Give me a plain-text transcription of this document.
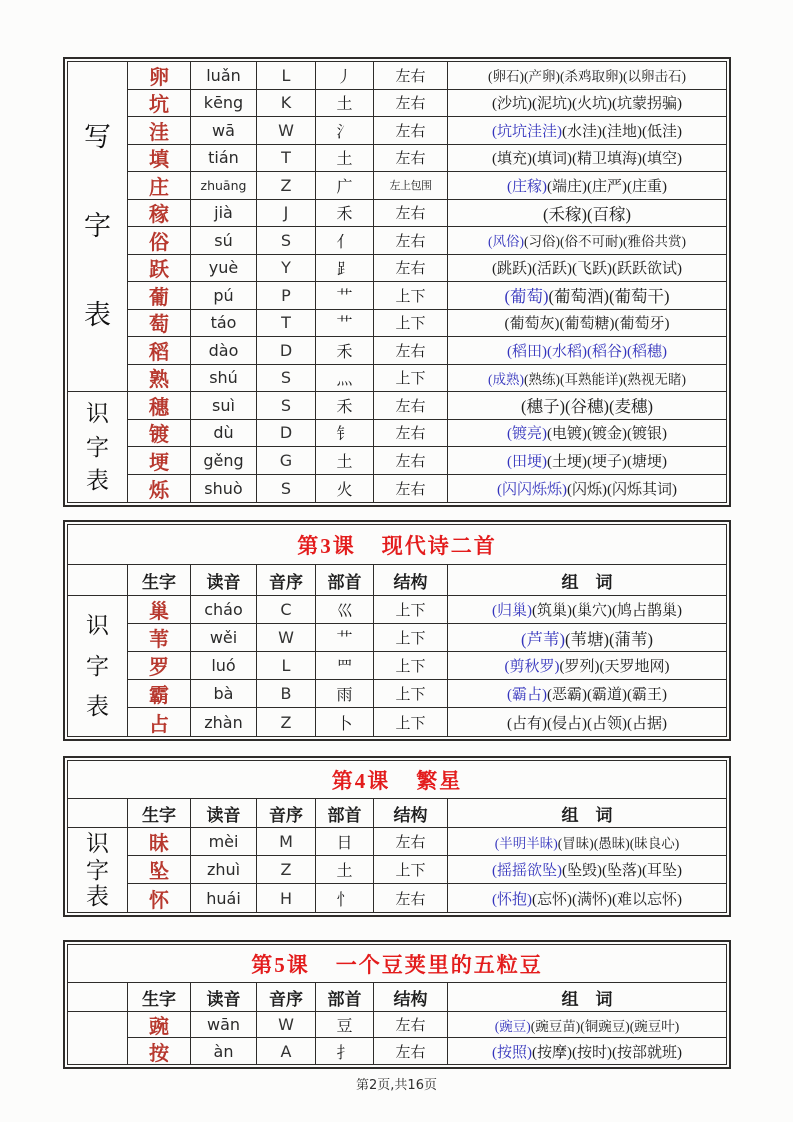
写
字
表
识
字
表
卵	luǎn	L	丿	左右	(卵石) (产卵) (杀鸡取卵) (以卵击石)
坑	kēng	K	土	左右	(沙坑) (泥坑) (火坑) (坑蒙拐骗)
洼	wā	W	氵	左右	(坑坑洼洼) (水洼) (洼地) (低洼)
填	tián	T	土	左右	(填充) (填词) (精卫填海) (填空)
庄	zhuāng	Z	广	左上包围	(庄稼) (端庄) (庄严) (庄重)
稼	jià	J	禾	左右	(禾稼) (百稼)
俗	sú	S	亻	左右	(风俗) (习俗) (俗不可耐) (雅俗共赏)
跃	yuè	Y	⻊	左右	(跳跃) (活跃) (飞跃) (跃跃欲试)
葡	pú	P	艹	上下	(葡萄) (葡萄酒) (葡萄干)
萄	táo	T	艹	上下	(葡萄灰) (葡萄糖) (葡萄牙)
稻	dào	D	禾	左右	(稻田) (水稻) (稻谷) (稻穗)
熟	shú	S	灬	上下	(成熟) (熟练) (耳熟能详) (熟视无睹)
穗	suì	S	禾	左右	(穗子) (谷穗) (麦穗)
镀	dù	D	钅	左右	(镀亮) (电镀) (镀金) (镀银)
埂	gěng	G	土	左右	(田埂) (土埂) (埂子) (塘埂)
烁	shuò	S	火	左右	(闪闪烁烁) (闪烁) (闪烁其词)
第3课 现代诗二首
生字	读音	音序	部首	结构	组　词
识
字
表
巢	cháo	C	巛	上下	(归巢) (筑巢) (巢穴) (鸠占鹊巢)
苇	wěi	W	艹	上下	(芦苇) (苇塘) (蒲苇)
罗	luó	L	罒	上下	(剪秋罗) (罗列) (天罗地网)
霸	bà	B	雨	上下	(霸占) (恶霸) (霸道) (霸王)
占	zhàn	Z	卜	上下	(占有) (侵占) (占领) (占据)
第4课 繁星
生字	读音	音序	部首	结构	组　词
识
字
表
昧	mèi	M	日	左右	(半明半昧) (冒昧) (愚昧) (昧良心)
坠	zhuì	Z	土	上下	(摇摇欲坠) (坠毁) (坠落) (耳坠)
怀	huái	H	忄	左右	(怀抱) (忘怀) (满怀) (难以忘怀)
第5课 一个豆荚里的五粒豆
生字	读音	音序	部首	结构	组　词
豌	wān	W	豆	左右	(豌豆) (豌豆苗) (铜豌豆) (豌豆叶)
按	àn	A	扌	左右	(按照) (按摩) (按时) (按部就班)
第2页,共16页
